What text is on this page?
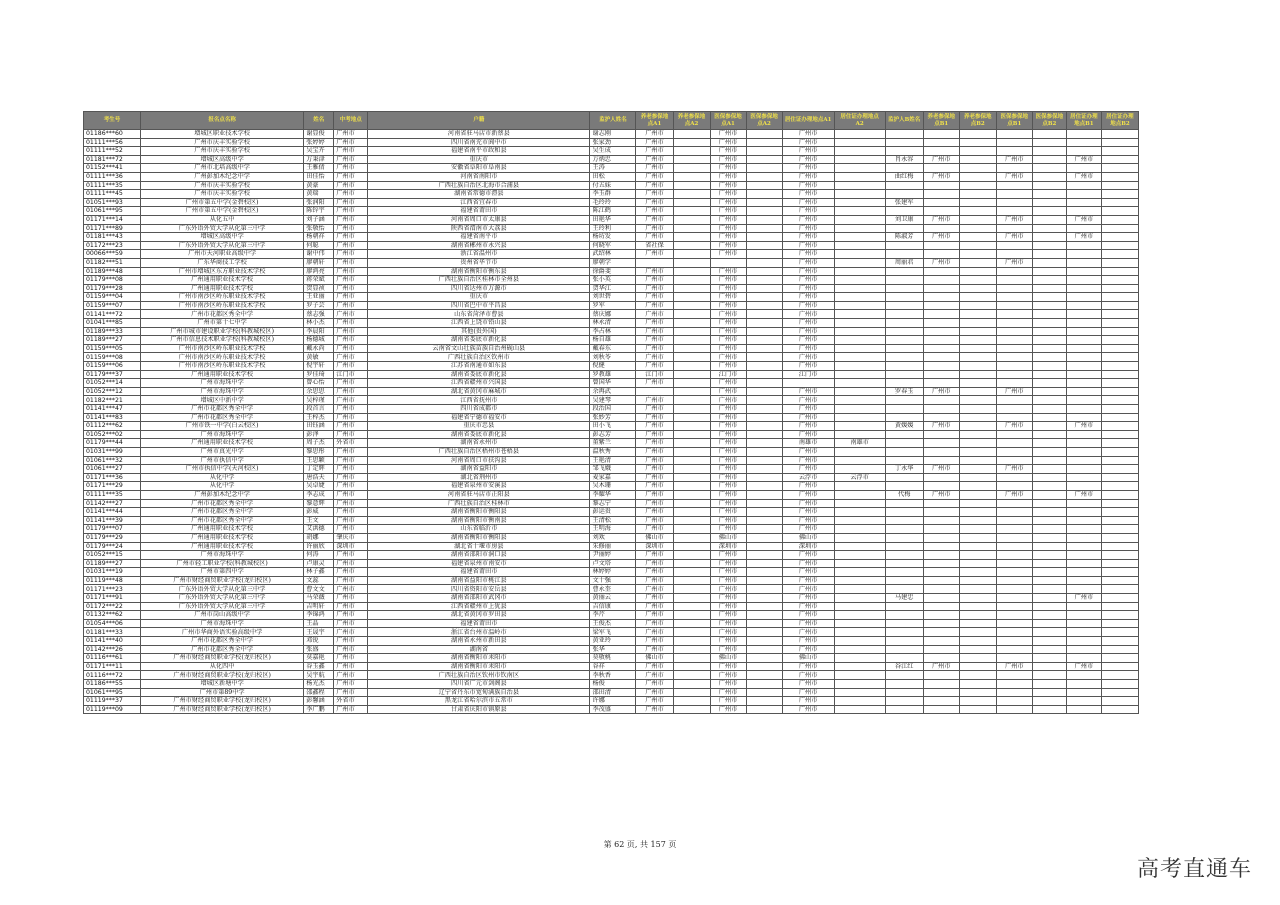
考生号	报名点名称	姓名	中考地点	户籍	监护人姓名	养老参保地点A1	养老参保地点A2	医保参保地点A1	医保参保地点A2	居住证办理地点A1	居住证办理地点A2	监护人B姓名	养老参保地点B1	养老参保地点B2	医保参保地点B1	医保参保地点B2	居住证办理地点B1	居住证办理地点B2
01186***60	增城区职业技术学校	谢显俊	广州市	河南省驻马店市新蔡县	谢志刚	广州市		广州市		广州市								
01111***56	广州市庆丰实验学校	张婷婷	广州市	四川省南充市阆中市	张家劲	广州市		广州市		广州市								
01111***52	广州市庆丰实验学校	吴宝卉	广州市	福建省南平市政和县	吴生成	广州市		广州市		广州市								
01181***72	增城区高级中学	万秉津	广州市	重庆市	万炳忠	广州市		广州市		广州市		肖永容	广州市		广州市		广州市	
01152***41	广州市北培高级中学	王雅倩	广州市	安徽省阜阳市阜南县	王涛	广州市		广州市		广州市								
01111***36	广州彭加木纪念中学	田佳怡	广州市	河南省南阳市	田松	广州市		广州市		广州市		曲红梅	广州市		广州市		广州市	
01111***35	广州市庆丰实验学校	黄豪	广州市	广西壮族自治区北海市合浦县	付五妹	广州市		广州市		广州市								
01111***45	广州市庆丰实验学校	黄瑞	广州市	湖南省常德市澧县	李玉群	广州市		广州市		广州市								
01051***93	广州市第五中学(金碧校区)	张润阳	广州市	江西省宜春市	毛玲玲	广州市		广州市		广州市		张建军						
01061***95	广州市第五中学(金碧校区)	陈锌宇	广州市	福建省莆田市	陈江鹤	广州市		广州市		广州市								
01171***14	从化五中	刘子涵	广州市	河南省周口市太康县	田艳华	广州市		广州市		广州市		刘卫康	广州市		广州市		广州市	
01171***89	广东外语外贸大学从化第三中学	张敬怡	广州市	陕西省渭南市大荔县	王玲利	广州市		广州市		广州市								
01181***43	增城区高级中学	杨朝祥	广州市	福建省南平市	杨坊发	广州市		广州市		广州市		陈淑芳	广州市		广州市		广州市	
01172***23	广东外语外贸大学从化第三中学	何聪	广州市	湖南省郴州市永兴县	何晓军	省社保		广州市		广州市								
00066***59	广州市天河职业高级中学	谢中伟	广州市	浙江省温州市	武绍林	广州市		广州市		广州市								
01182***51	广东华商技工学校	廖朝轩	广州市	贵州省毕节市	廖朝学					广州市		周丽君	广州市		广州市			
01189***48	广州市增城区东方职业技术学校	廖鸿亮	广州市	湖南省衡阳市衡东县	徐爵斐	广州市		广州市		广州市								
01179***08	广州通用职业技术学校	蒋荣斌	广州市	广西壮族自治区桂林市全州县	张小英	广州市		广州市		广州市								
01179***28	广州通用职业技术学校	贺显祯	广州市	四川省达州市万源市	贺华江	广州市		广州市		广州市								
01159***04	广州市南沙区岭东职业技术学校	王亚丽	广州市	重庆市	刘世碧	广州市		广州市		广州市								
01159***07	广州市南沙区岭东职业技术学校	罗子芸	广州市	四川省巴中市平昌县	罗军	广州市		广州市		广州市								
01141***72	广州市花都区秀全中学	蔡志强	广州市	山东省菏泽市曹县	蔡庆娜	广州市		广州市		广州市								
01041***85	广州市第十七中学	林小杰	广州市	江西省上饶市铅山县	林永清	广州市		广州市		广州市								
01189***33	广州市城市建设职业学校(科教城校区)	李晨阳	广州市	其他(贵外国)	李占林	广州市		广州市		广州市								
01189***27	广州市信息技术职业学校(科教城校区)	杨德城	广州市	湖南省娄底市新化县	杨自雄	广州市		广州市		广州市								
01159***05	广州市南沙区岭东职业技术学校	戴永尚	广州市	云南省文山壮族苗族自治州砚山县	戴春东	广州市		广州市		广州市								
01159***08	广州市南沙区岭东职业技术学校	黄敏	广州市	广西壮族自治区钦州市	刘秋苓	广州市		广州市		广州市								
01159***06	广州市南沙区岭东职业技术学校	倪宇轩	广州市	江苏省南通市如东县	倪健	广州市		广州市		广州市								
01179***37	广州通用职业技术学校	罗佳琦	江门市	湖南省娄底市新化县	罗教雄	江门市		江门市		江门市								
01052***14	广州市海珠中学	曾心怡	广州市	江西省赣州市兴国县	曾国华	广州市		广州市										
01052***12	广州市海珠中学	余思思	广州市	湖北省黄冈市麻城市	余再武			广州市		广州市		罗春玉	广州市		广州市			
01182***21	增城区中新中学	吴梓瑾	广州市	江西省抚州市	吴建琴	广州市		广州市		广州市								
01141***47	广州市花都区秀全中学	段首言	广州市	四川省成都市	段治国	广州市		广州市		广州市								
01141***83	广州市花都区秀全中学	王梓杰	广州市	福建省宁德市福安市	张妙芳	广州市		广州市		广州市								
01112***62	广州市铁一中学(白云校区)	田钰涵	广州市	重庆市忠县	田小飞	广州市		广州市		广州市		黄媛媛	广州市		广州市		广州市	
01052***02	广州市海珠中学	彭泽	广州市	湖南省娄底市新化县	彭志芳	广州市		广州市		广州市								
01179***44	广州通用职业技术学校	周子杰	外省市	湖南省永州市	董紫兰	广州市		广州市		南雄市	南雄市							
01031***99	广州市真光中学	黎思彤	广州市	广西壮族自治区梧州市苍梧县	温秋秀	广州市		广州市		广州市								
01061***32	广州市执信中学	王思颖	广州市	河南省周口市扶沟县	王艳清	广州市		广州市		广州市								
01061***27	广州市执信中学(天河校区)	丁定辉	广州市	湖南省益阳市	邹飞娥	广州市		广州市		广州市		丁永华	广州市		广州市			
01171***36	从化中学	唐浩天	广州市	湖北省荆州市	麦家嘉	广州市		广州市		云浮市	云浮市							
01171***29	从化中学	吴卓婕	广州市	福建省泉州市安溪县	吴木珊	广州市		广州市		广州市								
01111***35	广州彭加木纪念中学	李志成	广州市	河南省驻马店市正阳县	李耀华	广州市		广州市		广州市		代梅	广州市		广州市		广州市	
01142***27	广州市花都区秀全中学	黎意辉	广州市	广西壮族自治区桂林市	黎志宁	广州市		广州市		广州市								
01141***44	广州市花都区秀全中学	彭威	广州市	湖南省衡阳市衡阳县	彭运贵	广州市		广州市		广州市								
01141***39	广州市花都区秀全中学	王文	广州市	湖南省衡阳市衡南县	王清松	广州市		广州市		广州市								
01179***07	广州通用职业技术学校	艾洪德	广州市	山东省临沂市	王明海	广州市		广州市		广州市								
01179***29	广州通用职业技术学校	胡娜	肇庆市	湖南省衡阳市衡阳县	刘欢	佛山市		佛山市		佛山市								
01179***24	广州通用职业技术学校	许丽欣	深圳市	湖北省十堰市房县	朱修丽	深圳市		深圳市		深圳市								
01052***15	广州市海珠中学	何涛	广州市	湖南省邵阳市洞口县	尹丽婷	广州市		广州市		广州市								
01189***27	广州市轻工职业学校(科教城校区)	卢康灵	广州市	福建省泉州市南安市	卢文塔	广州市		广州市		广州市								
01031***19	广州市第四中学	林子鑫	广州市	福建省莆田市	林婷婷	广州市		广州市		广州市								
01119***48	广州市财经商贸职业学校(龙归校区)	文蕊	广州市	湖南省益阳市桃江县	文十强	广州市		广州市		广州市								
01171***23	广东外语外贸大学从化第三中学	曹文文	广州市	四川省资阳市安岳县	曹永奎	广州市		广州市		广州市								
01171***91	广东外语外贸大学从化第三中学	马荣薇	广州市	湖南省邵阳市武冈市	黄丽云	广州市		广州市		广州市		马建忠					广州市	
01172***22	广东外语外贸大学从化第三中学	吉明轩	广州市	江西省赣州市上犹县	吉信康	广州市		广州市		广州市								
01132***62	广州市岗山高级中学	李锦鸿	广州市	湖北省黄冈市罗田县	李芹	广州市		广州市		广州市								
01054***06	广州市海珠中学	王晶	广州市	福建省莆田市	王俊杰	广州市		广州市		广州市								
01181***33	广州市华商外语实验高级中学	王晟宇	广州市	浙江省台州市温岭市	梁军飞	广州市		广州市		广州市								
01141***40	广州市花都区秀全中学	邓锐	广州市	湖南省永州市新田县	黄亚玲	广州市		广州市		广州市								
01142***26	广州市花都区秀全中学	张盛	广州市	湖南省	张华	广州市		广州市		广州市								
01116***61	广州市财经商贸职业学校(龙归校区)	莫嘉艳	广州市	湖南省衡阳市耒阳市	莫敬桃	佛山市		佛山市		佛山市								
01171***11	从化四中	谷玉鑫	广州市	湖南省衡阳市耒阳市	谷祥	广州市		广州市		广州市		谷江红	广州市		广州市		广州市	
01116***72	广州市财经商贸职业学校(龙归校区)	吴宇航	广州市	广西壮族自治区钦州市钦南区	李秋香	广州市		广州市		广州市								
01186***55	增城区新塘中学	杨光杰	广州市	四川省广元市剑阁县	杨俊	广州市		广州市		广州市								
01061***95	广州市第89中学	邵鑫程	广州市	辽宁省丹东市宽甸满族自治县	邵田清	广州市		广州市		广州市								
01119***37	广州市财经商贸职业学校(龙归校区)	彭馨涵	外省市	黑龙江省哈尔滨市五常市	许娜	广州市		广州市		广州市								
01119***09	广州市财经商贸职业学校(龙归校区)	李广鹏	广州市	甘肃省庆阳市镇原县	李茂盛	广州市		广州市		广州市								
第 62 页, 共 157 页
高考直通车
